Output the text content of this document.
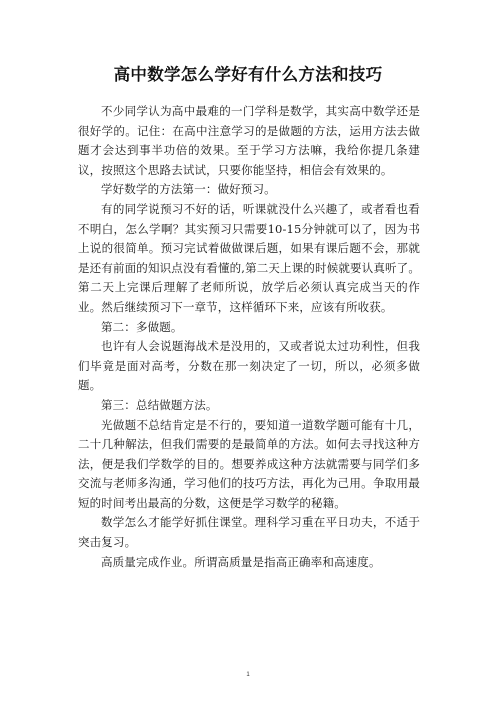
高中数学怎么学好有什么方法和技巧

不少同学认为高中最难的一门学科是数学，其实高中数学还是很好学的。记住：在高中注意学习的是做题的方法，运用方法去做题才会达到事半功倍的效果。至于学习方法嘛，我给你提几条建议，按照这个思路去试试，只要你能坚持，相信会有效果的。

学好数学的方法第一：做好预习。

有的同学说预习不好的话，听课就没什么兴趣了，或者看也看不明白，怎么学啊？其实预习只需要10-15分钟就可以了，因为书上说的很简单。预习完试着做做课后题，如果有课后题不会，那就是还有前面的知识点没有看懂的,第二天上课的时候就要认真听了。第二天上完课后理解了老师所说，放学后必须认真完成当天的作业。然后继续预习下一章节，这样循环下来，应该有所收获。

第二：多做题。

也许有人会说题海战术是没用的，又或者说太过功利性，但我们毕竟是面对高考，分数在那一刻决定了一切，所以，必须多做题。

第三：总结做题方法。

光做题不总结肯定是不行的，要知道一道数学题可能有十几，二十几种解法，但我们需要的是最简单的方法。如何去寻找这种方法，便是我们学数学的目的。想要养成这种方法就需要与同学们多交流与老师多沟通，学习他们的技巧方法，再化为己用。争取用最短的时间考出最高的分数，这便是学习数学的秘籍。

数学怎么才能学好抓住课堂。理科学习重在平日功夫，不适于突击复习。

高质量完成作业。所谓高质量是指高正确率和高速度。

1
